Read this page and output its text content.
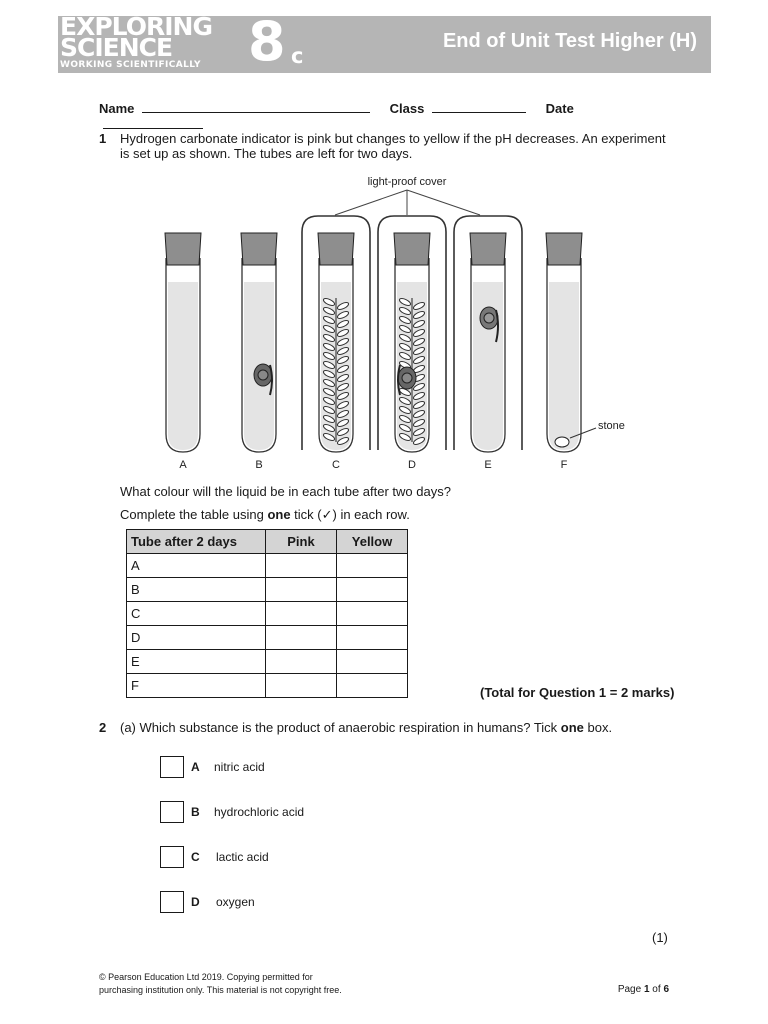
EXPLORING
SCIENCE
WORKING SCIENTIFICALLY 8 c
End of Unit Test Higher (H)
Name	Class	Date
1 Hydrogen carbonate indicator is pink but changes to yellow if the pH decreases. An experiment
is set up as shown. The tubes are left for two days.
light-proof cover
stone
A	B	C	D	E	F
What colour will the liquid be in each tube after two days?
Complete the table using one tick (✓) in each row.
Tube after 2 days	Pink	Yellow
A		
B		
C		
D		
E		
F			(Total for Question 1 = 2 marks)
2 (a) Which substance is the product of anaerobic respiration in humans? Tick one box.
A nitric acid
B hydrochloric acid
C lactic acid
D oxygen
(1)
© Pearson Education Ltd 2019. Copying permitted for
purchasing institution only. This material is not copyright free.	Page 1 of 6
